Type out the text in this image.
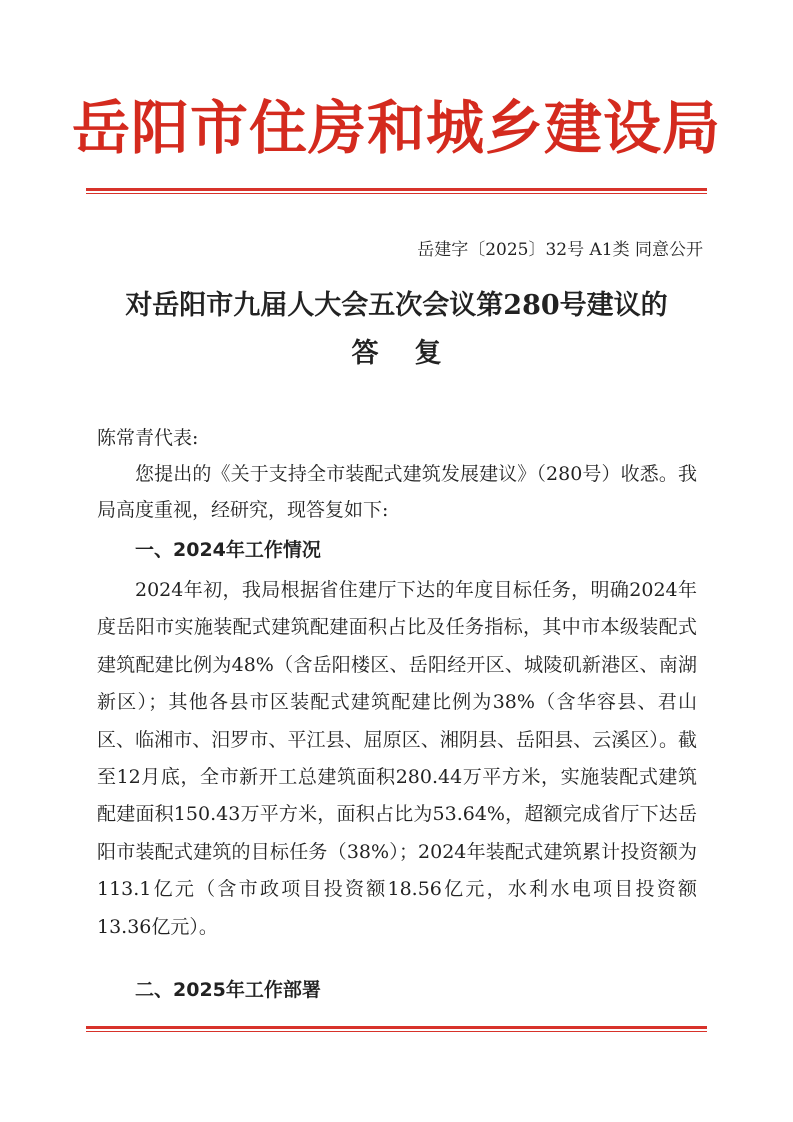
岳阳市住房和城乡建设局
岳建字〔2025〕32号 A1类 同意公开
对岳阳市九届人大会五次会议第280号建议的
答复
陈常青代表:

您提出的《关于支持全市装配式建筑发展建议》（280号）收悉。我局高度重视，经研究，现答复如下:

一、2024年工作情况

2024年初，我局根据省住建厅下达的年度目标任务，明确2024年度岳阳市实施装配式建筑配建面积占比及任务指标，其中市本级装配式建筑配建比例为48%（含岳阳楼区、岳阳经开区、城陵矶新港区、南湖新区）；其他各县市区装配式建筑配建比例为38%（含华容县、君山区、临湘市、汨罗市、平江县、屈原区、湘阴县、岳阳县、云溪区）。截至12月底，全市新开工总建筑面积280.44万平方米，实施装配式建筑配建面积150.43万平方米，面积占比为53.64%，超额完成省厅下达岳阳市装配式建筑的目标任务（38%）；2024年装配式建筑累计投资额为113.1亿元（含市政项目投资额18.56亿元，水利水电项目投资额13.36亿元）。

二、2025年工作部署
